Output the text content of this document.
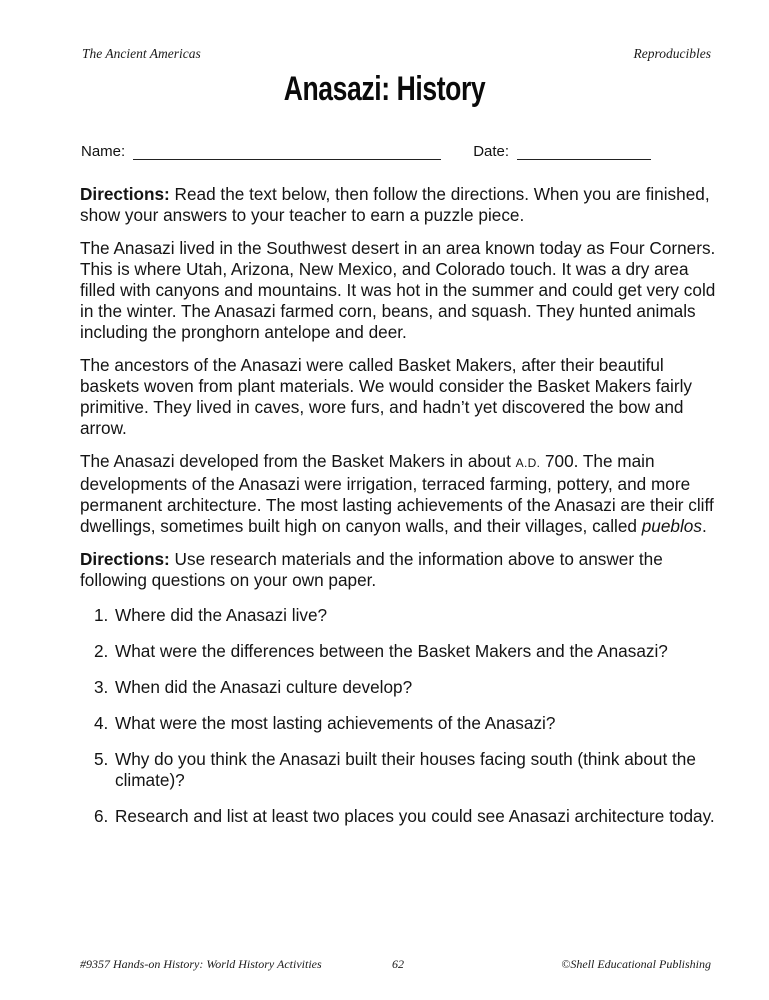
The Ancient Americas	Reproducibles
Anasazi: History
Name:	Date:

Directions: Read the text below, then follow the directions. When you are finished, show your answers to your teacher to earn a puzzle piece.

The Anasazi lived in the Southwest desert in an area known today as Four Corners. This is where Utah, Arizona, New Mexico, and Colorado touch. It was a dry area filled with canyons and mountains. It was hot in the summer and could get very cold in the winter. The Anasazi farmed corn, beans, and squash. They hunted animals including the pronghorn antelope and deer.

The ancestors of the Anasazi were called Basket Makers, after their beautiful baskets woven from plant materials. We would consider the Basket Makers fairly primitive. They lived in caves, wore furs, and hadn’t yet discovered the bow and arrow.

The Anasazi developed from the Basket Makers in about A.D. 700. The main developments of the Anasazi were irrigation, terraced farming, pottery, and more permanent architecture. The most lasting achievements of the Anasazi are their cliff dwellings, sometimes built high on canyon walls, and their villages, called pueblos.

Directions: Use research materials and the information above to answer the following questions on your own paper.

1. Where did the Anasazi live?
2. What were the differences between the Basket Makers and the Anasazi?
3. When did the Anasazi culture develop?
4. What were the most lasting achievements of the Anasazi?
5. Why do you think the Anasazi built their houses facing south (think about the climate)?
6. Research and list at least two places you could see Anasazi architecture today.
#9357 Hands-on History: World History Activities	62	©Shell Educational Publishing
